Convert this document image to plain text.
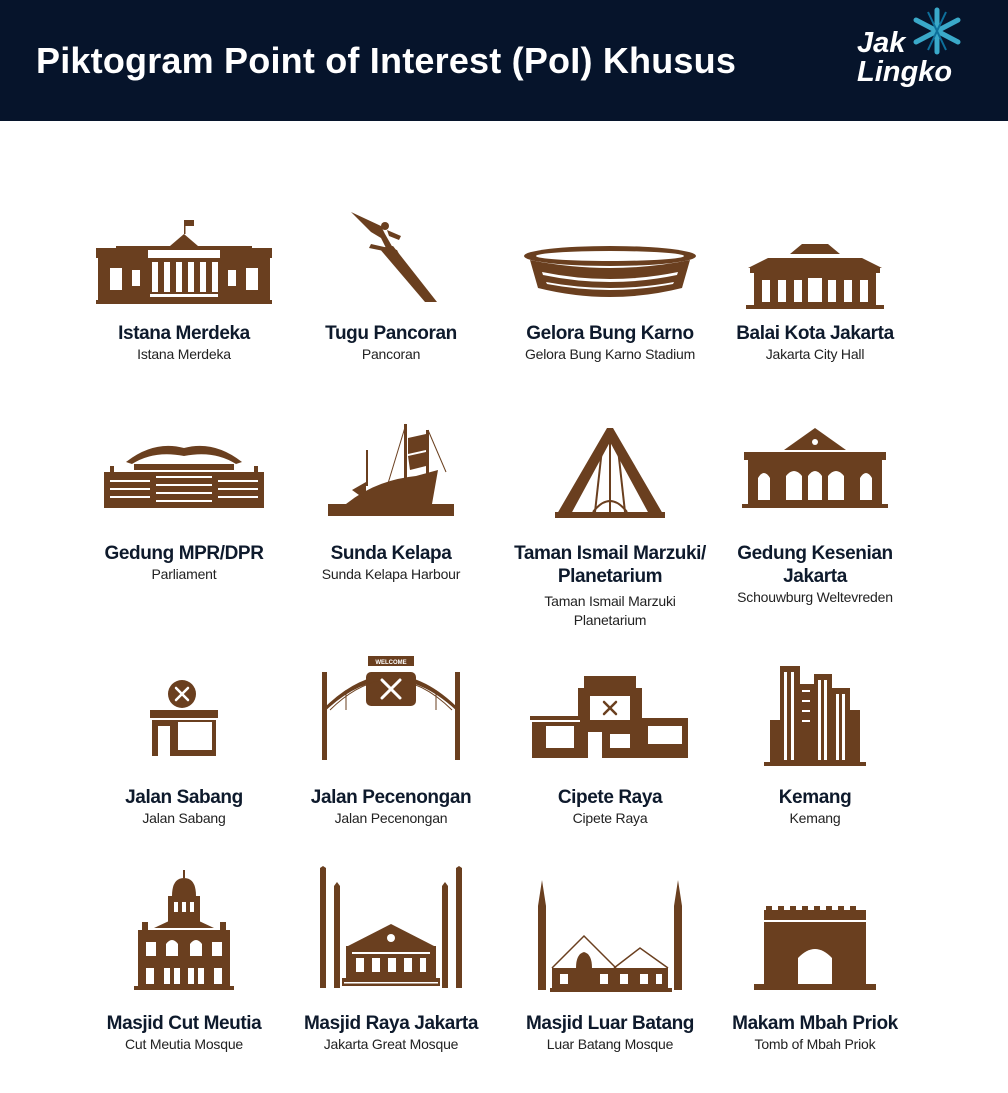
Piktogram Point of Interest (PoI) Khusus	Jak
Lingko
Istana Merdeka
Istana Merdeka
Tugu Pancoran
Pancoran
Gelora Bung Karno
Gelora Bung Karno Stadium
Balai Kota Jakarta
Jakarta City Hall
Gedung MPR/DPR
Parliament
Sunda Kelapa
Sunda Kelapa Harbour
Taman Ismail Marzuki/ Planetarium
Taman Ismail Marzuki Planetarium
Gedung Kesenian Jakarta
Schouwburg Weltevreden
Jalan Sabang
Jalan Sabang
WELCOME
Jalan Pecenongan
Jalan Pecenongan
Cipete Raya
Cipete Raya
Kemang
Kemang
Masjid Cut Meutia
Cut Meutia Mosque
Masjid Raya Jakarta
Jakarta Great Mosque
Masjid Luar Batang
Luar Batang Mosque
Makam Mbah Priok
Tomb of Mbah Priok
